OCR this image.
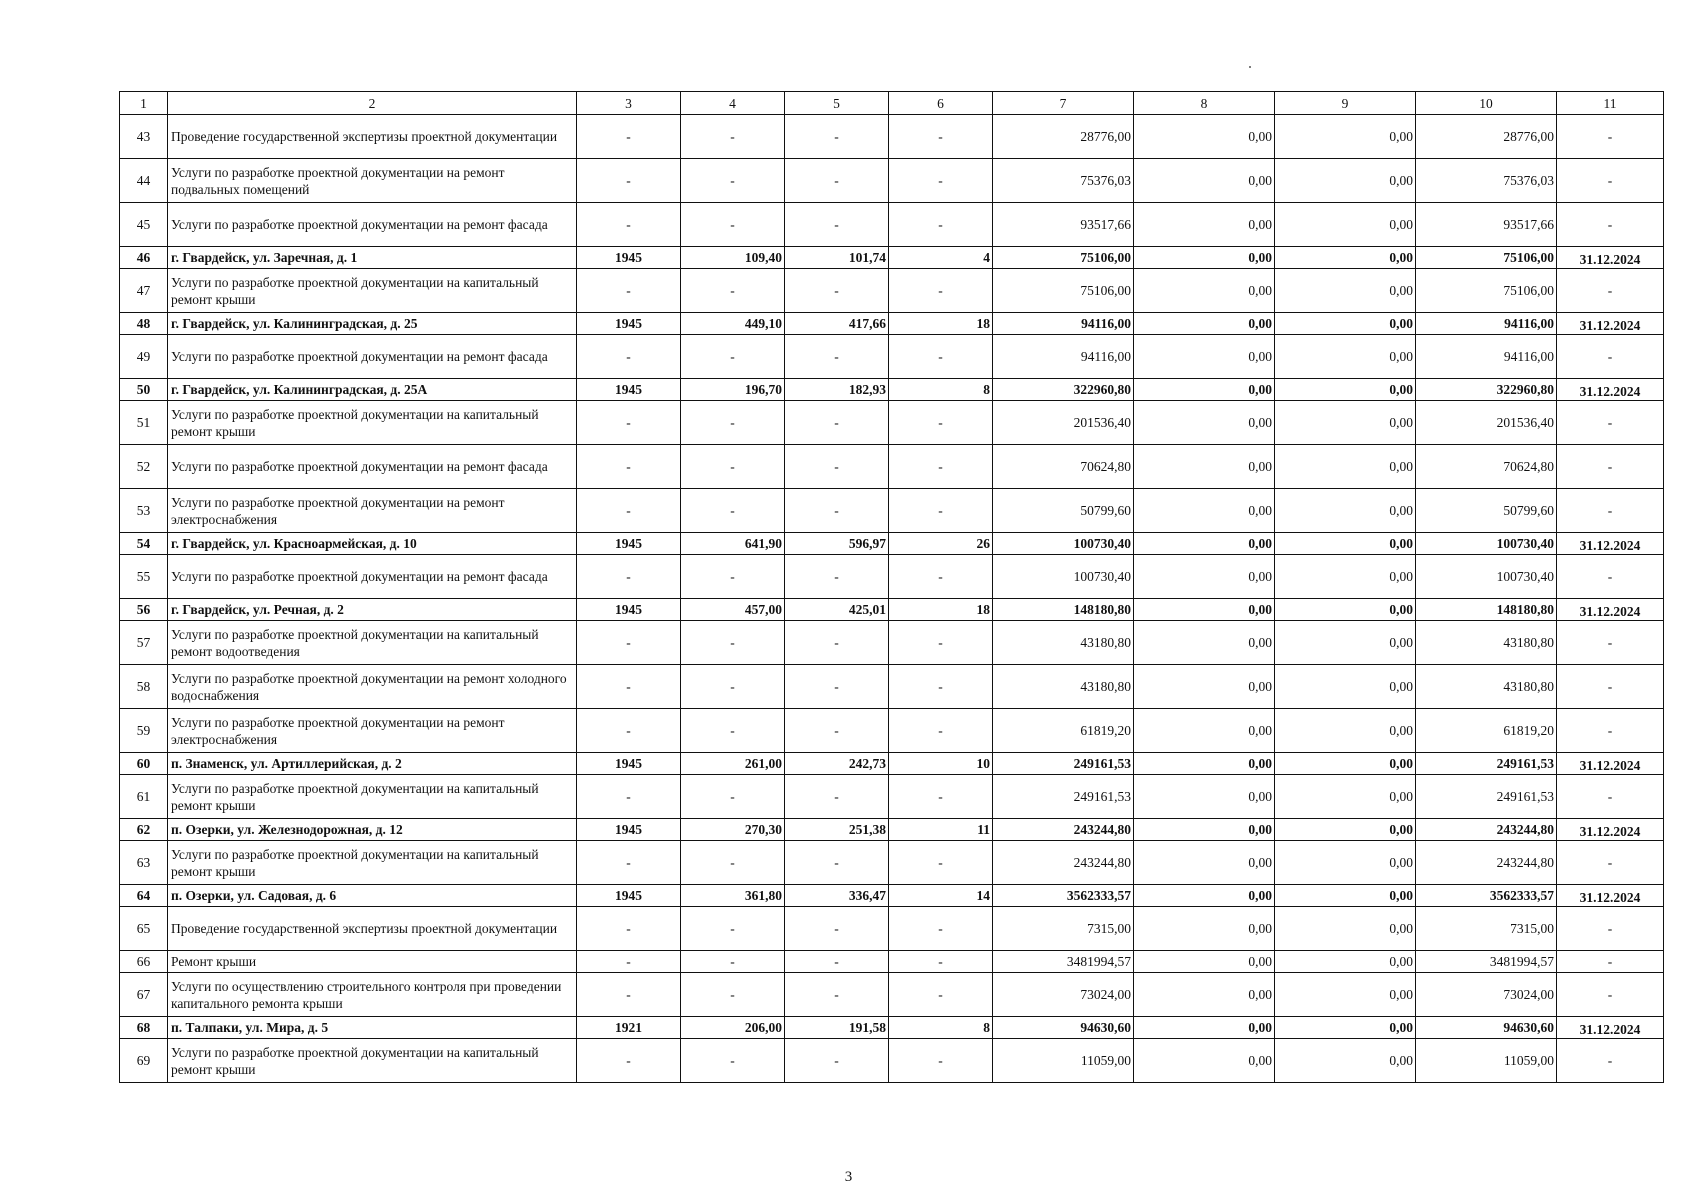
1	2	3	4	5	6	7	8	9	10	11
43	Проведение государственной экспертизы проектной документации	-	-	-	-	28776,00	0,00	0,00	28776,00	-
44	Услуги по разработке проектной документации на ремонт подвальных помещений	-	-	-	-	75376,03	0,00	0,00	75376,03	-
45	Услуги по разработке проектной документации на ремонт фасада	-	-	-	-	93517,66	0,00	0,00	93517,66	-
46	г. Гвардейск, ул. Заречная, д. 1	1945	109,40	101,74	4	75106,00	0,00	0,00	75106,00	31.12.2024
47	Услуги по разработке проектной документации на капитальный ремонт крыши	-	-	-	-	75106,00	0,00	0,00	75106,00	-
48	г. Гвардейск, ул. Калининградская, д. 25	1945	449,10	417,66	18	94116,00	0,00	0,00	94116,00	31.12.2024
49	Услуги по разработке проектной документации на ремонт фасада	-	-	-	-	94116,00	0,00	0,00	94116,00	-
50	г. Гвардейск, ул. Калининградская, д. 25А	1945	196,70	182,93	8	322960,80	0,00	0,00	322960,80	31.12.2024
51	Услуги по разработке проектной документации на капитальный ремонт крыши	-	-	-	-	201536,40	0,00	0,00	201536,40	-
52	Услуги по разработке проектной документации на ремонт фасада	-	-	-	-	70624,80	0,00	0,00	70624,80	-
53	Услуги по разработке проектной документации на ремонт электроснабжения	-	-	-	-	50799,60	0,00	0,00	50799,60	-
54	г. Гвардейск, ул. Красноармейская, д. 10	1945	641,90	596,97	26	100730,40	0,00	0,00	100730,40	31.12.2024
55	Услуги по разработке проектной документации на ремонт фасада	-	-	-	-	100730,40	0,00	0,00	100730,40	-
56	г. Гвардейск, ул. Речная, д. 2	1945	457,00	425,01	18	148180,80	0,00	0,00	148180,80	31.12.2024
57	Услуги по разработке проектной документации на капитальный ремонт водоотведения	-	-	-	-	43180,80	0,00	0,00	43180,80	-
58	Услуги по разработке проектной документации на ремонт холодного водоснабжения	-	-	-	-	43180,80	0,00	0,00	43180,80	-
59	Услуги по разработке проектной документации на ремонт электроснабжения	-	-	-	-	61819,20	0,00	0,00	61819,20	-
60	п. Знаменск, ул. Артиллерийская, д. 2	1945	261,00	242,73	10	249161,53	0,00	0,00	249161,53	31.12.2024
61	Услуги по разработке проектной документации на капитальный ремонт крыши	-	-	-	-	249161,53	0,00	0,00	249161,53	-
62	п. Озерки, ул. Железнодорожная, д. 12	1945	270,30	251,38	11	243244,80	0,00	0,00	243244,80	31.12.2024
63	Услуги по разработке проектной документации на капитальный ремонт крыши	-	-	-	-	243244,80	0,00	0,00	243244,80	-
64	п. Озерки, ул. Садовая, д. 6	1945	361,80	336,47	14	3562333,57	0,00	0,00	3562333,57	31.12.2024
65	Проведение государственной экспертизы проектной документации	-	-	-	-	7315,00	0,00	0,00	7315,00	-
66	Ремонт крыши	-	-	-	-	3481994,57	0,00	0,00	3481994,57	-
67	Услуги по осуществлению строительного контроля при проведении капитального ремонта крыши	-	-	-	-	73024,00	0,00	0,00	73024,00	-
68	п. Талпаки, ул. Мира, д. 5	1921	206,00	191,58	8	94630,60	0,00	0,00	94630,60	31.12.2024
69	Услуги по разработке проектной документации на капитальный ремонт крыши	-	-	-	-	11059,00	0,00	0,00	11059,00	-
3
